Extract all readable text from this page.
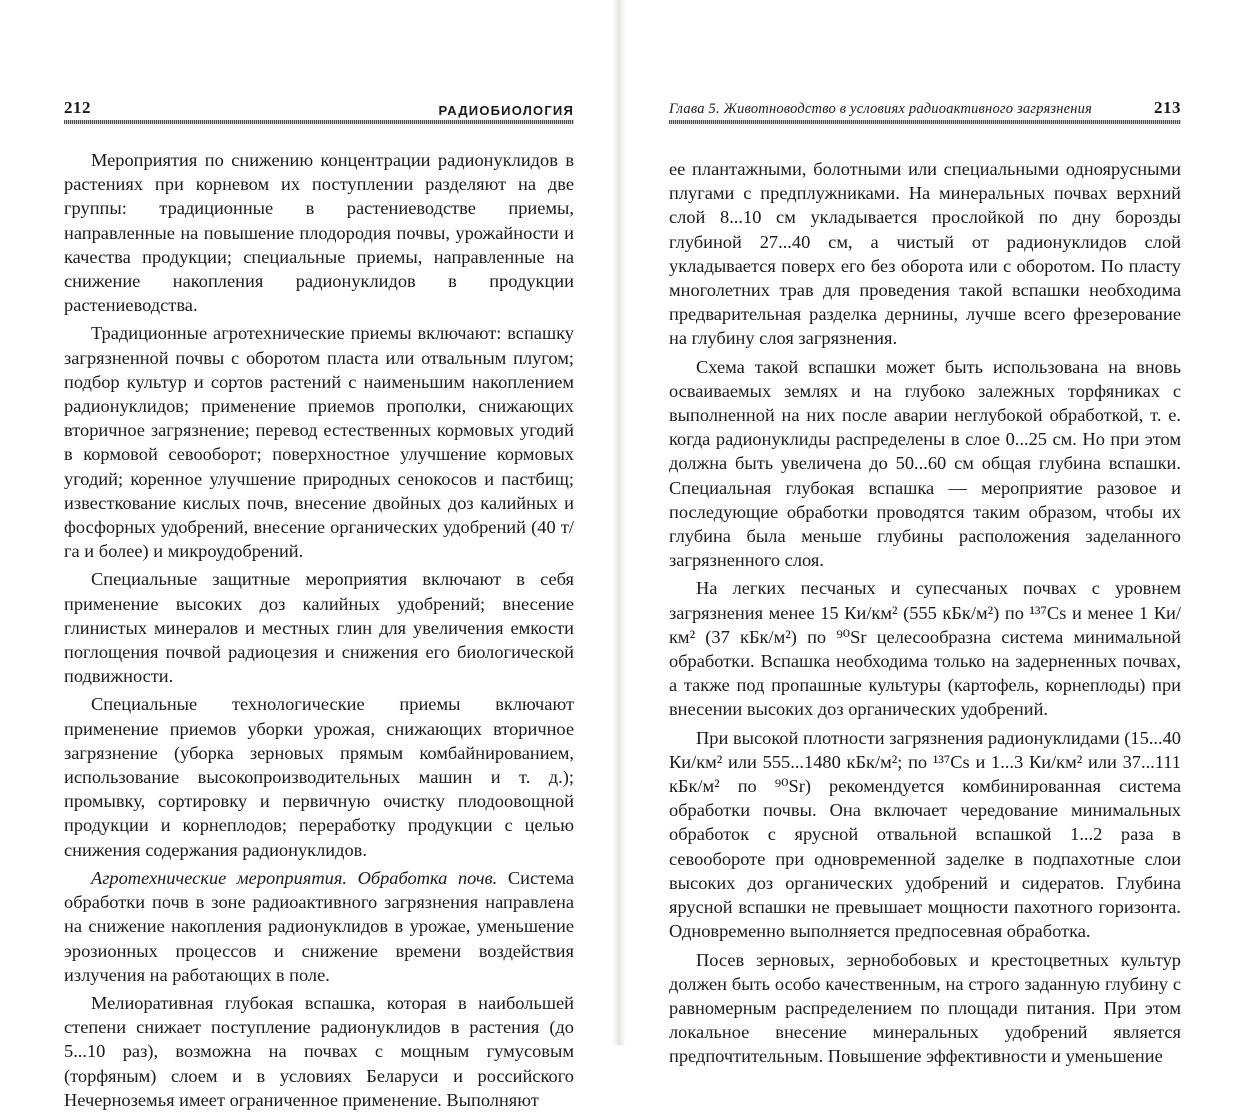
212	РАДИОБИОЛОГИЯ

Мероприятия по снижению концентрации радионуклидов в растениях при корневом их поступлении разделяют на две группы: традиционные в растениеводстве приемы, направленные на повышение плодородия почвы, урожайности и качества продукции; специальные приемы, направленные на снижение накопления радионуклидов в продукции растениеводства.

Традиционные агротехнические приемы включают: вспашку загрязненной почвы с оборотом пласта или отвальным плугом; подбор культур и сортов растений с наименьшим накоплением радионуклидов; применение приемов прополки, снижающих вторичное загрязнение; перевод естественных кормовых угодий в кормовой севооборот; поверхностное улучшение кормовых угодий; коренное улучшение природных сенокосов и пастбищ; известкование кислых почв, внесение двойных доз калийных и фосфорных удобрений, внесение органических удобрений (40 т/га и более) и микроудобрений.

Специальные защитные мероприятия включают в себя применение высоких доз калийных удобрений; внесение глинистых минералов и местных глин для увеличения емкости поглощения почвой радиоцезия и снижения его биологической подвижности.

Специальные технологические приемы включают применение приемов уборки урожая, снижающих вторичное загрязнение (уборка зерновых прямым комбайнированием, использование высокопроизводительных машин и т. д.); промывку, сортировку и первичную очистку плодоовощной продукции и корнеплодов; переработку продукции с целью снижения содержания радионуклидов.

Агротехнические мероприятия. Обработка почв. Система обработки почв в зоне радиоактивного загрязнения направлена на снижение накопления радионуклидов в урожае, уменьшение эрозионных процессов и снижение времени воздействия излучения на работающих в поле.

Мелиоративная глубокая вспашка, которая в наибольшей степени снижает поступление радионуклидов в растения (до 5...10 раз), возможна на почвах с мощным гумусовым (торфяным) слоем и в условиях Беларуси и российского Нечерноземья имеет ограниченное применение. Выполняют

Глава 5. Животноводство в условиях радиоактивного загрязнения	213

ее плантажными, болотными или специальными одноярусными плугами с предплужниками. На минеральных почвах верхний слой 8...10 см укладывается прослойкой по дну борозды глубиной 27...40 см, а чистый от радионуклидов слой укладывается поверх его без оборота или с оборотом. По пласту многолетних трав для проведения такой вспашки необходима предварительная разделка дернины, лучше всего фрезерование на глубину слоя загрязнения.

Схема такой вспашки может быть использована на вновь осваиваемых землях и на глубоко залежных торфяниках с выполненной на них после аварии неглубокой обработкой, т. е. когда радионуклиды распределены в слое 0...25 см. Но при этом должна быть увеличена до 50...60 см общая глубина вспашки. Специальная глубокая вспашка — мероприятие разовое и последующие обработки проводятся таким образом, чтобы их глубина была меньше глубины расположения заделанного загрязненного слоя.

На легких песчаных и супесчаных почвах с уровнем загрязнения менее 15 Ки/км² (555 кБк/м²) по ¹³⁷Cs и менее 1 Ки/км² (37 кБк/м²) по ⁹⁰Sr целесообразна система минимальной обработки. Вспашка необходима только на задерненных почвах, а также под пропашные культуры (картофель, корнеплоды) при внесении высоких доз органических удобрений.

При высокой плотности загрязнения радионуклидами (15...40 Ки/км² или 555...1480 кБк/м²; по ¹³⁷Cs и 1...3 Ки/км² или 37...111 кБк/м² по ⁹⁰Sr) рекомендуется комбинированная система обработки почвы. Она включает чередование минимальных обработок с ярусной отвальной вспашкой 1...2 раза в севообороте при одновременной заделке в подпахотные слои высоких доз органических удобрений и сидератов. Глубина ярусной вспашки не превышает мощности пахотного горизонта. Одновременно выполняется предпосевная обработка.

Посев зерновых, зернобобовых и крестоцветных культур должен быть особо качественным, на строго заданную глубину с равномерным распределением по площади питания. При этом локальное внесение минеральных удобрений является предпочтительным. Повышение эффективности и уменьшение
